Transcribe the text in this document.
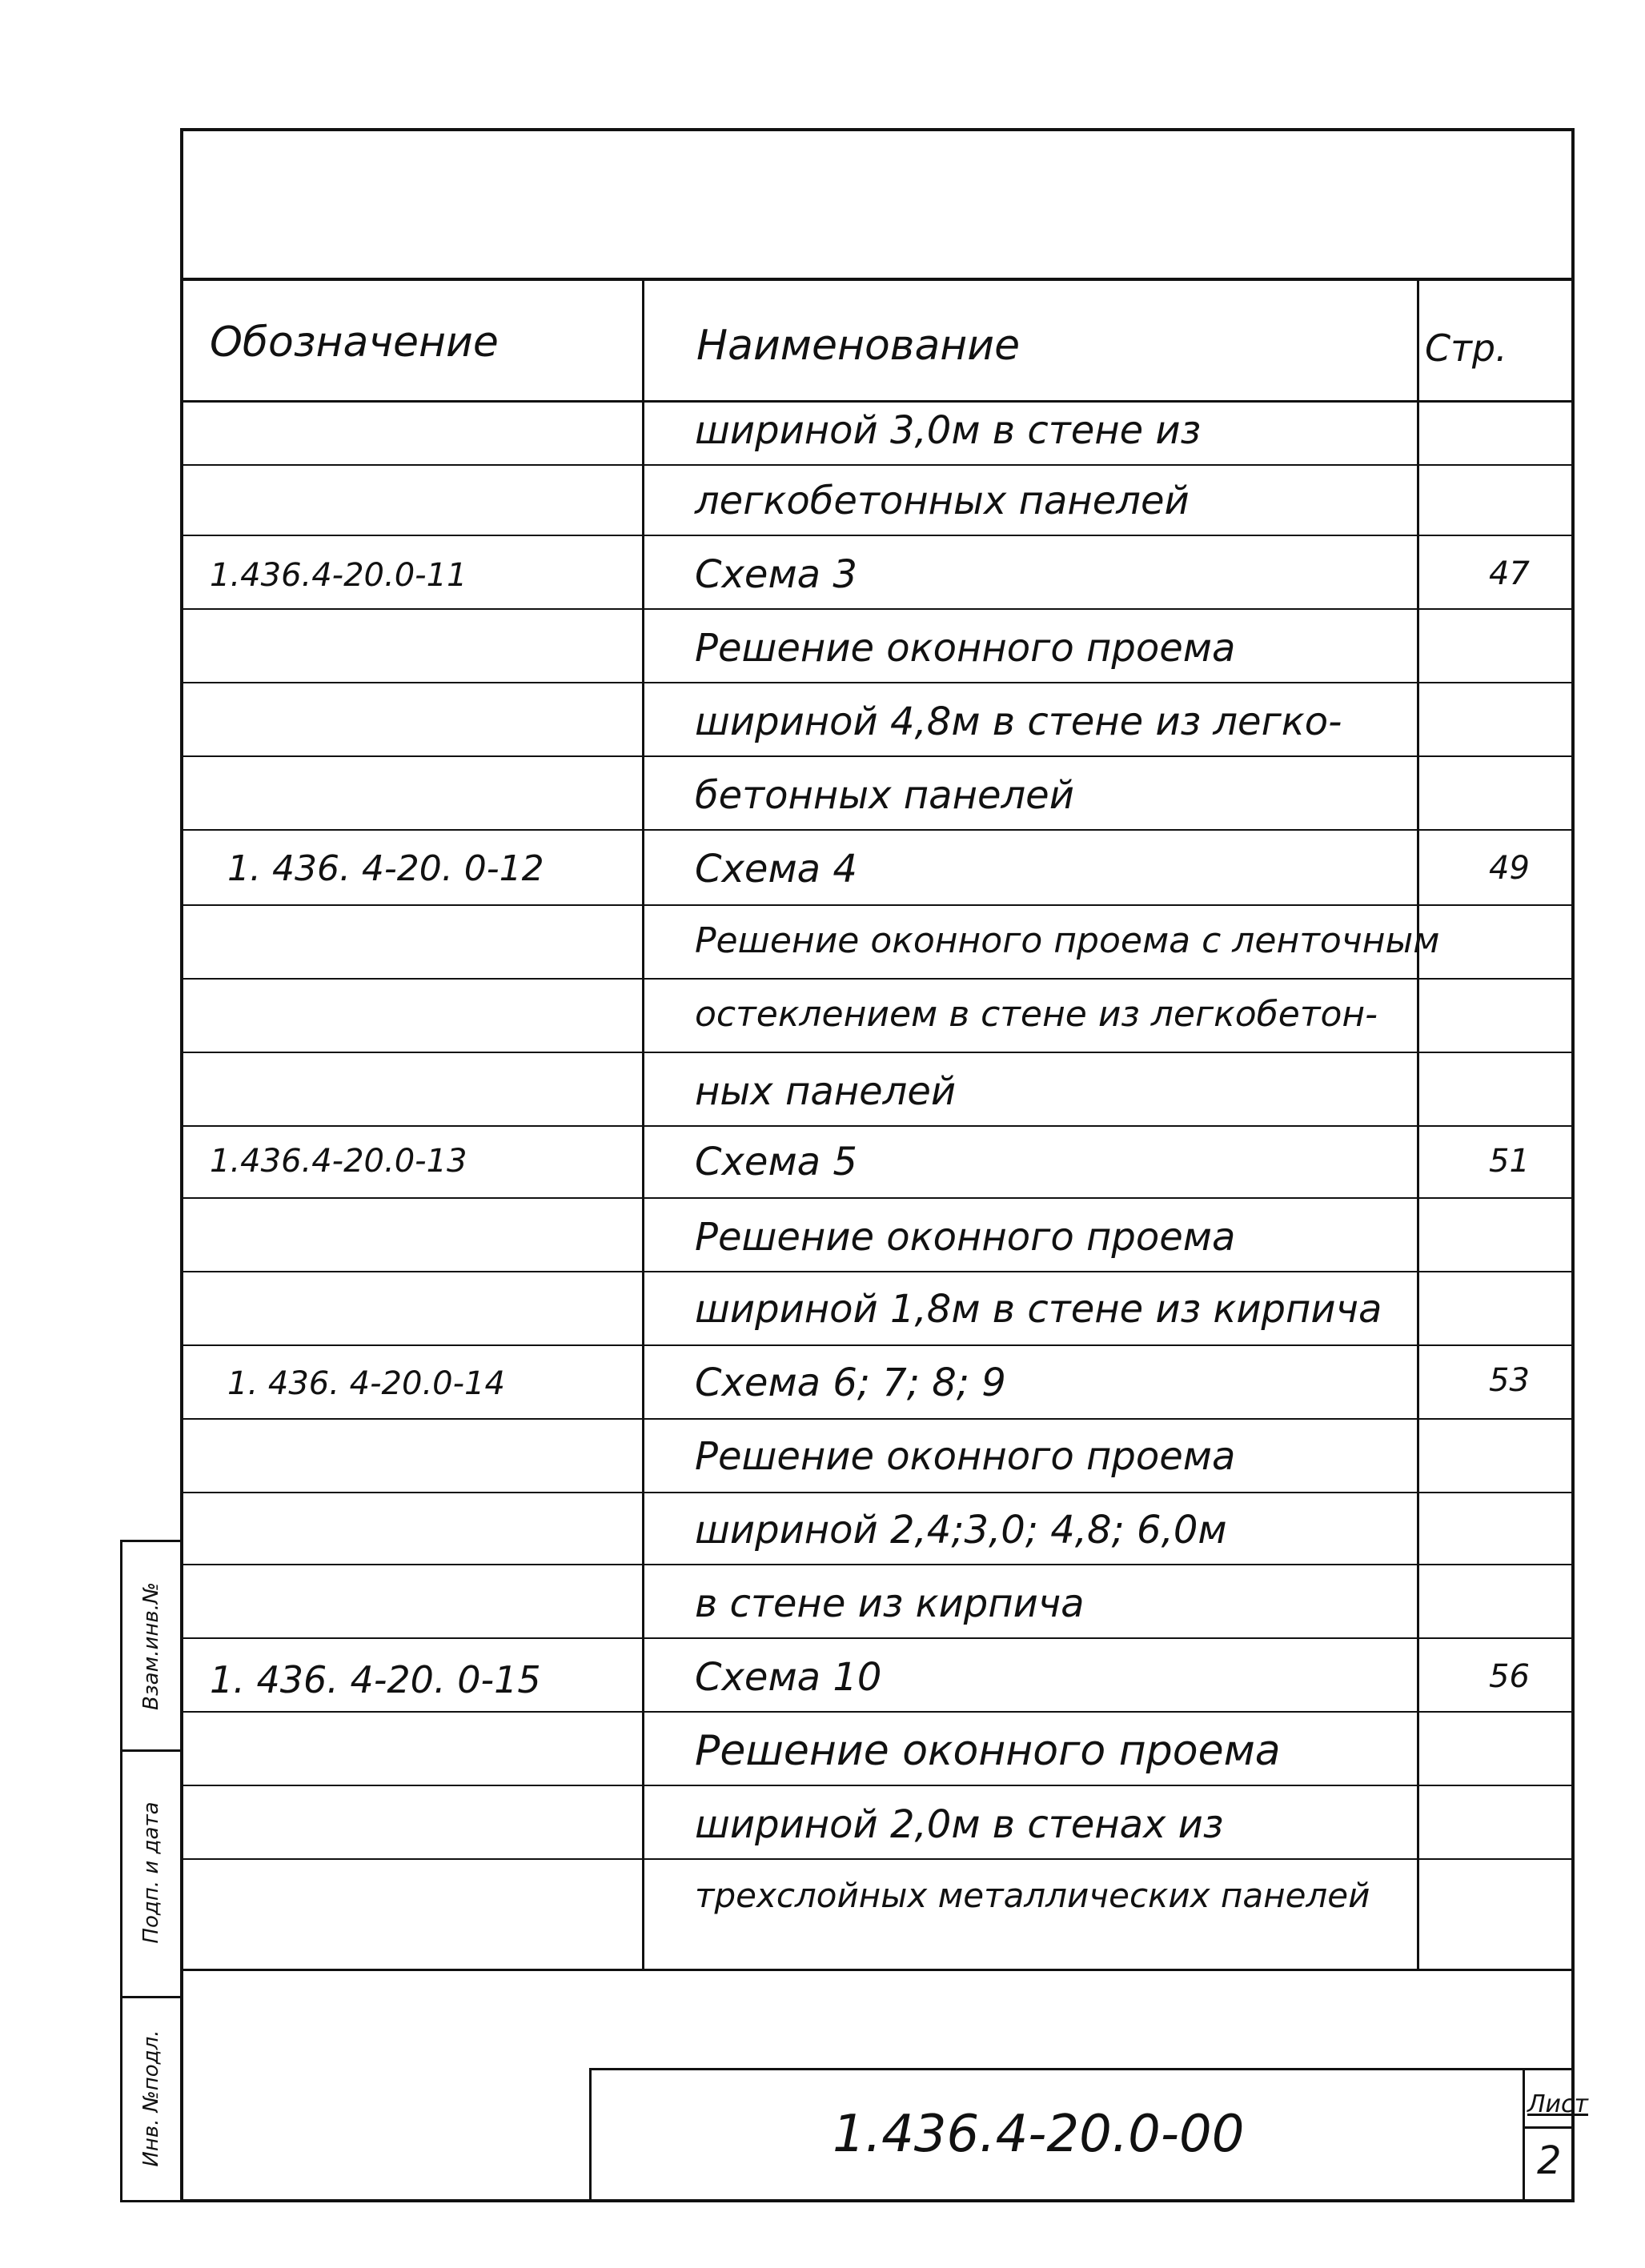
Обозначение	Наименование	Стр.
шириной 3,0м в стене из
легкобетонных панелей
1.436.4-20.0-11	Схема 3	47
Решение оконного проема
шириной 4,8м в стене из легко-
бетонных панелей
1. 436. 4-20. 0-12	Схема 4	49
Решение оконного проема с ленточным
остеклением в стене из легкобетон-
ных панелей
1.436.4-20.0-13	Схема 5	51
Решение оконного проема
шириной 1,8м в стене из кирпича
1. 436. 4-20.0-14	Схема 6; 7; 8; 9	53
Решение оконного проема
шириной 2,4;3,0; 4,8; 6,0м
в стене из кирпича
1. 436. 4-20. 0-15	Схема 10	56
Решение оконного проема
шириной 2,0м в стенах из
трехслойных металлических панелей
Взам.инв.№
Подп. и дата
Инв. №подл.	1.436.4-20.0-00
Лист
2
